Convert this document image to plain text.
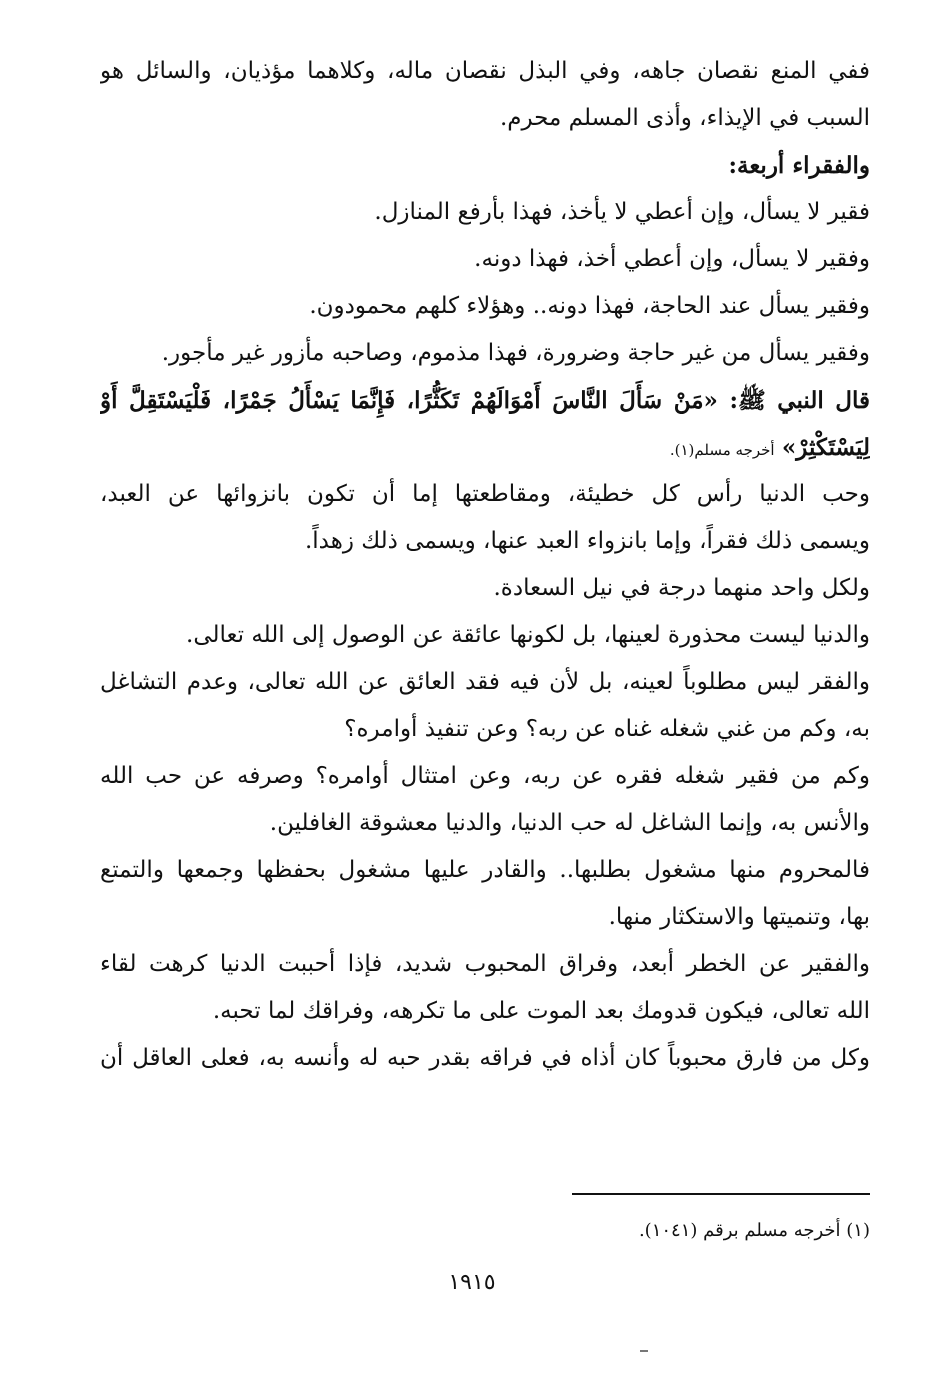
ففي المنع نقصان جاهه، وفي البذل نقصان ماله، وكلاهما مؤذيان، والسائل هو
السبب في الإيذاء، وأذى المسلم محرم.
والفقراء أربعة:
فقير لا يسأل، وإن أعطي لا يأخذ، فهذا بأرفع المنازل.
وفقير لا يسأل، وإن أعطي أخذ، فهذا دونه.
وفقير يسأل عند الحاجة، فهذا دونه.. وهؤلاء كلهم محمودون.
وفقير يسأل من غير حاجة وضرورة، فهذا مذموم، وصاحبه مأزور غير مأجور.
قال النبي ﷺ: «مَنْ سَأَلَ النَّاسَ أَمْوَالَهُمْ تَكَثُّرًا، فَإِنَّمَا يَسْأَلُ جَمْرًا، فَلْيَسْتَقِلَّ أَوْ
لِيَسْتَكْثِرْ» أخرجه مسلم(١).
وحب الدنيا رأس كل خطيئة، ومقاطعتها إما أن تكون بانزوائها عن العبد،
ويسمى ذلك فقراً، وإما بانزواء العبد عنها، ويسمى ذلك زهداً.
ولكل واحد منهما درجة في نيل السعادة.
والدنيا ليست محذورة لعينها، بل لكونها عائقة عن الوصول إلى الله تعالى.
والفقر ليس مطلوباً لعينه، بل لأن فيه فقد العائق عن الله تعالى، وعدم التشاغل
به، وكم من غني شغله غناه عن ربه؟ وعن تنفيذ أوامره؟
وكم من فقير شغله فقره عن ربه، وعن امتثال أوامره؟ وصرفه عن حب الله
والأنس به، وإنما الشاغل له حب الدنيا، والدنيا معشوقة الغافلين.
فالمحروم منها مشغول بطلبها.. والقادر عليها مشغول بحفظها وجمعها والتمتع
بها، وتنميتها والاستكثار منها.
والفقير عن الخطر أبعد، وفراق المحبوب شديد، فإذا أحببت الدنيا كرهت لقاء
الله تعالى، فيكون قدومك بعد الموت على ما تكرهه، وفراقك لما تحبه.
وكل من فارق محبوباً كان أذاه في فراقه بقدر حبه له وأنسه به، فعلى العاقل أن
(١) أخرجه مسلم برقم (١٠٤١).
١٩١٥
